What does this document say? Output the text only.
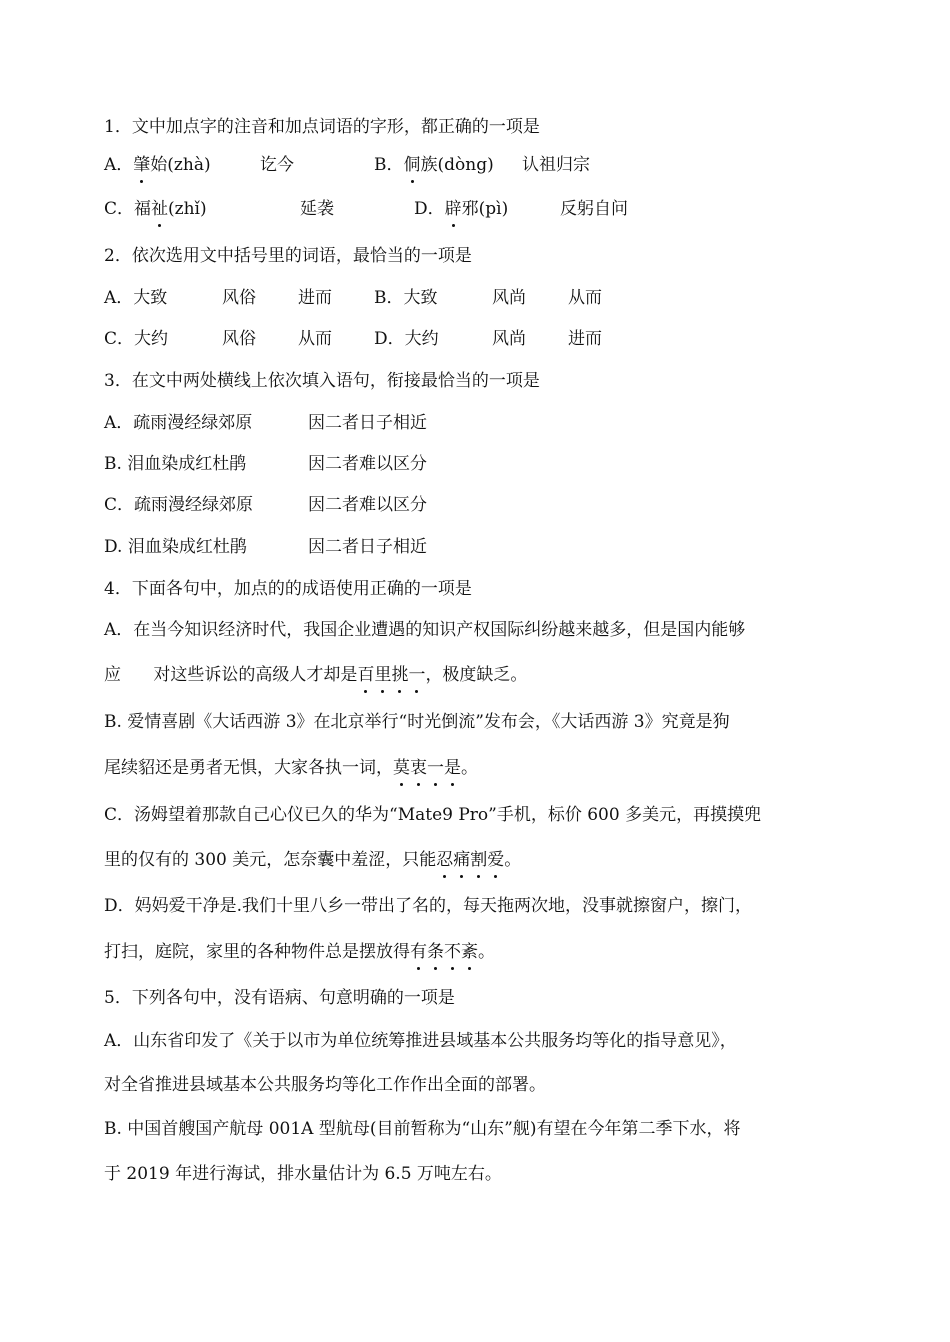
1．文中加点字的注音和加点词语的字形，都正确的一项是
A．肇始(zhà)	讫今	B．侗族(dòng) 认祖归宗
C．福祉(zhǐ)	延袭	D．辟邪(pì)	反躬自问
2．依次选用文中括号里的词语，最恰当的一项是
A．大致	风俗 进而 B．大致	风尚 从而
C．大约	风俗 从而 D．大约	风尚 进而
3．在文中两处横线上依次填入语句，衔接最恰当的一项是
A．疏雨漫经绿郊原	因二者日子相近
B. 泪血染成红杜鹃	因二者难以区分
C．疏雨漫经绿郊原	因二者难以区分
D. 泪血染成红杜鹃	因二者日子相近
4．下面各句中，加点的的成语使用正确的一项是
A．在当今知识经济时代，我国企业遭遇的知识产权国际纠纷越来越多，但是国内能够
应      对这些诉讼的高级人才却是百里挑一，极度缺乏。
B. 爱情喜剧《大话西游 3》在北京举行“时光倒流”发布会，《大话西游 3》究竟是狗
尾续貂还是勇者无惧，大家各执一词，莫衷一是。
C．汤姆望着那款自己心仪已久的华为“Mate9 Pro”手机，标价 600 多美元，再摸摸兜
里的仅有的 300 美元，怎奈囊中羞涩，只能忍痛割爱。
D．妈妈爱干净是.我们十里八乡一带出了名的，每天拖两次地，没事就擦窗户，擦门，
打扫，庭院，家里的各种物件总是摆放得有条不紊。
5．下列各句中，没有语病、句意明确的一项是
A．山东省印发了《关于以市为单位统筹推进县域基本公共服务均等化的指导意见》，
对全省推进县域基本公共服务均等化工作作出全面的部署。
B. 中国首艘国产航母 001A 型航母(目前暂称为“山东”舰)有望在今年第二季下水，将
于 2019 年进行海试，排水量估计为 6.5 万吨左右。
